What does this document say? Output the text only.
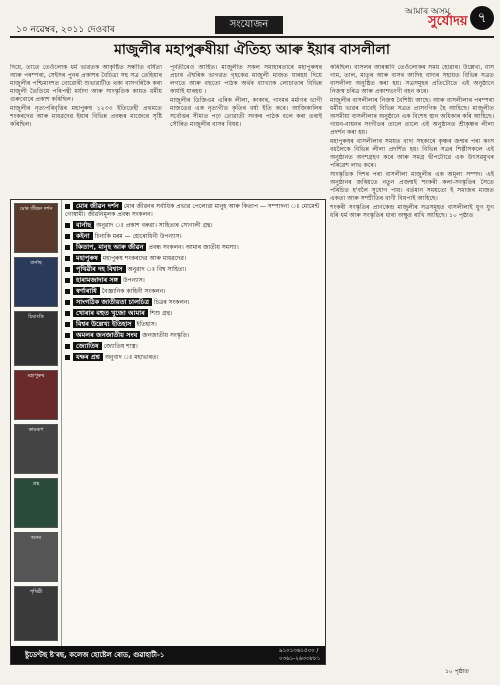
১০ নৱেম্বৰ, ২০১১ দেওবাৰ	সংযোজন
আমাৰ অসম
সুৰ্যোদয় ৭
মাজুলীৰ মহাপুৰুষীয়া ঐতিহ্য আৰু ইয়াৰ বাসলীলা

দিয়ে, তাতে তেওঁলোক ধৰ্ম ভাৱতক আকৃষ্টিত সন্ধ্যীত বৰ্ষিতা আৰু পৰম্পৰা, সেইসৰ পুনৰ প্ৰকাশৰ বৈচিত্ৰ্য সহ সত্ৰ তেহিয়াৰ মাজুলীৰ পশ্চিমাংশত বোৱোৰী শুভাৱাটীত থকা বাসগৰিকৈ কৰা মাজুলী তৈতিয়ে পৰিপন্থী মৰ্যাদা আৰু সাংস্কৃতিক কায়ত ধৰ্মীয় গুৰুবোৰে প্ৰকাশ কৰিছিল।

মাজুলীৰ নৃত্যপৰিবৃত্তিৰ মহাপুৰুষ ১২৩৩ ইতিতেহী প্ৰথমতে শংকৰদেৱ আৰু মাধৱদেৱ ইয়াৰ বিভিন্ন প্ৰবন্ধৰ মাজেৰে সৃষ্টি কৰিছিল।

পূৰ্বতীৰেও আৰ্হিত। মাজুলীত সকল সমাহাৰতাৰে মহাপুৰুষৰ প্ৰচাৰ ঐশ্বৰিক ভাগৱত গৃহকেৱ মাজুলী মাজত যাৰহয় দিয়ে লগতে আৰু বহুতো পাঠক অৰ্থৰ ব্যাখ্যাক লোচাতাৰ বিভিন্ন কাৰ্যাই যাৰহয় ।

মাজুলীৰ ডিজিএম এৰিক লীলা, কাকাৰ, গাংমৰ মৰ্মাণৰ ভাগী মাজতেৱ এক নৃত্যগীত কৃতিৰ বৰ্ষা ইতি কৰে। আজিকালিৰ সৰ্বোত্তৰ সীমাত পঢ়া তোৱাতী সংকৰ পাঠক বলে কৰা তৰাই সৌৰিত মাজুলীৰ বাসৰ বিষয়।

কৰিছিল। বাসলৰ আৰম্ভণি তেওঁলোকৰ সময় হোৱাৰ। উল্লেখ্য, বাস গাম, তাল, মাতৃৰ আৰু বাসৰ আদিহ বাদ্যৰ সহায়ত বিভিন্ন সত্ৰত বাসলীলা অনুষ্ঠিত কৰা হয়। সত্ৰসমূহৰ প্ৰতিটোতে এই অনুষ্ঠানে নিজস্ব চৰিত্ৰ আৰু প্ৰকাশভংগী বহন কৰে।

মাজুলীৰ বাসলীলাৰ নিজস্ব বৈশিষ্ট্য আছে। আৰু বাসলীলাৰ পৰম্পৰা ধৰ্মীয় ভাৱৰ বাবেই বিভিন্ন সত্ৰত প্ৰাসংগিক হৈ আহিছে। মাজুলীত অসমীয়া বাসলীলাৰ অনুষ্ঠানে এক বিশেষ স্থান অধিকাৰ কৰি আহিছে। গায়ন-বায়নৰ সংগীতৰ তালে তালে এই অনুষ্ঠানত শ্ৰীকৃষ্ণৰ লীলা প্ৰদৰ্শন কৰা হয়।

মহাপুৰুষৰ বাসলীলাৰ সময়ত বাদ্য সহকাৰে কৃষ্ণৰ জন্মৰ পৰা কংস বধলৈকে বিভিন্ন লীলা প্ৰদৰ্শিত হয়। বিভিন্ন সত্ৰৰ শিল্পীসকলে এই অনুষ্ঠানত অংশগ্ৰহণ কৰে আৰু সমগ্ৰ দ্বীপটোৱে এক উৎসৱমুখৰ পৰিৱেশ লাভ কৰে।

সাংস্কৃতিক দিশৰ পৰা বাসলীলা মাজুলীৰ এক অমূল্য সম্পদ। এই অনুষ্ঠানৰ জৰিয়তে নতুন প্ৰজন্মই শংকৰী কলা-সংস্কৃতিৰ সৈতে পৰিচিত হ'বলৈ সুযোগ পায়। বৰ্তমান সময়তো ই সমাজৰ মাজত একতা আৰু সম্প্ৰীতিৰ বাণী বিয়পাই আহিছে।

শংকৰী সংস্কৃতিৰ প্ৰাণকেন্দ্ৰ মাজুলীৰ সত্ৰসমূহত বাসলীলাই যুগ যুগ ধৰি ধৰ্ম আৰু সংস্কৃতিৰ ধাৰা অক্ষুণ্ণ ৰাখি আহিছে। ১০ পৃষ্ঠাত

মোৰ জীৱন দৰ্শন
বাৰ্নাছ
চিমাংকি
মহাপুৰুষ
কামৰূপ
গ্ৰন্থ
অসম
পৃথিৱী
মোৰ জীৱন দৰ্শন মোৰ জীৱনৰ সৰ্বাধিক প্ৰভাৱ পেলোৱা মানুহ আৰু কিতাপ — সম্পাদনা ঃ মোমেন্ট গোস্বামী। জীৱনিমূলক প্ৰবন্ধ সংকলন।
বাৰ্নাছ অনুৱাদ ঃ প্ৰকাশ বৰুৱা। সাহিত্যৰ সোণালী গ্ৰন্থ।
কইনা চিনাকি মৰম — হোৰোধিনী উপন্যাস।
কিতাপ, মানুহ আৰু জীৱন প্ৰবন্ধ সংকলন। আমাৰ জাতীয় সমস্যা।
মহাপুৰুষ মহাপুৰুষ শংকৰদেৱ আৰু মাধৱদেৱ।
পৃথিৱীৰ দহ বিশ্বাস অনুৱাদ ঃ বিশ্ব সাহিত্য।
হাৰামজাদাৰ সঙ্গ উপন্যাস।
স্বৰ্ণাৰাধি বৈজ্ঞানিক কাহিনী সংকলন।
সাংগঠিক জাতীয়তা চালচিত্ৰ চিত্ৰৰ সংকলন।
খোৰাৰ বহুত খুজো আমাৰ শিশু গ্ৰন্থ।
বিশ্বৰ উল্লেখ্য ইতিহাস ইতিহাস।
অমলৰ জনজাতীয় সংঘ জনজাতীয় সংস্কৃতি।
জ্যোতিষ জ্যোতিষ শাস্ত্ৰ।
যক্ষৰ প্ৰশ্ন অনুবাদ ঃ মহাভাৰত।
ষ্টুডেণ্টছ ষ্ট'ৰছ, কলেজ হোষ্টেল ৰোড, গুৱাহাটী-১	৯১০১৩৬১৫০০ / ০৩৬১-২৬৩৩৮৮১
১০ পৃষ্ঠাত
